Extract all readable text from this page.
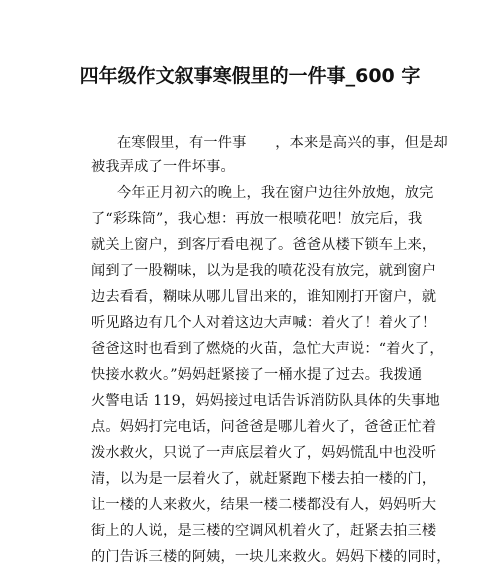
四年级作文叙事寒假里的一件事_600 字
在寒假里，有一件事　　，本来是高兴的事，但是却
被我弄成了一件坏事。
今年正月初六的晚上，我在窗户边往外放炮，放完
了“彩珠筒”，我心想：再放一根喷花吧！放完后，我
就关上窗户，到客厅看电视了。爸爸从楼下锁车上来，
闻到了一股糊味，以为是我的喷花没有放完，就到窗户
边去看看，糊味从哪儿冒出来的，谁知刚打开窗户，就
听见路边有几个人对着这边大声喊：着火了！着火了！
爸爸这时也看到了燃烧的火苗，急忙大声说：“着火了，
快接水救火。”妈妈赶紧接了一桶水提了过去。我拨通
火警电话 119，妈妈接过电话告诉消防队具体的失事地
点。妈妈打完电话，问爸爸是哪儿着火了，爸爸正忙着
泼水救火，只说了一声底层着火了，妈妈慌乱中也没听
清，以为是一层着火了，就赶紧跑下楼去拍一楼的门，
让一楼的人来救火，结果一楼二楼都没有人，妈妈听大
街上的人说，是三楼的空调风机着火了，赶紧去拍三楼
的门告诉三楼的阿姨，一块儿来救火。妈妈下楼的同时，
